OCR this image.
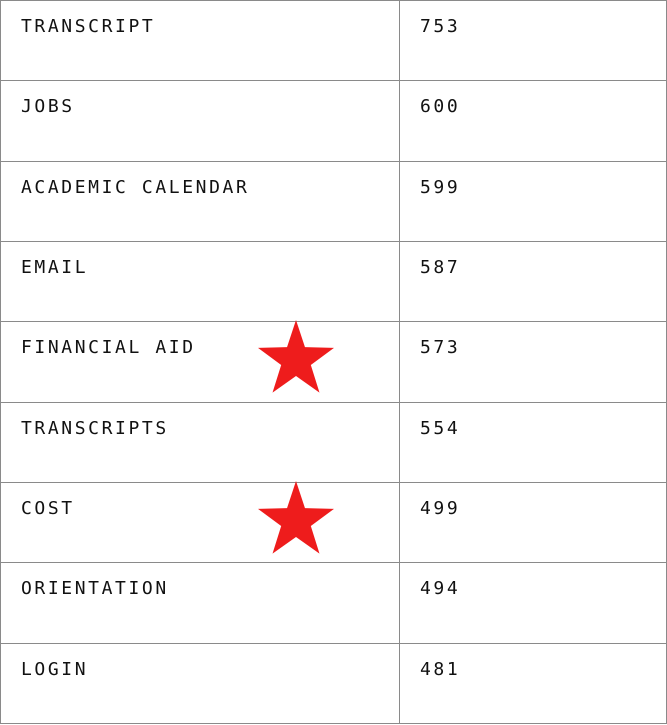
TRANSCRIPT	753
JOBS	600
ACADEMIC CALENDAR	599
EMAIL	587
FINANCIAL AID	573
TRANSCRIPTS	554
COST	499
ORIENTATION	494
LOGIN	481
